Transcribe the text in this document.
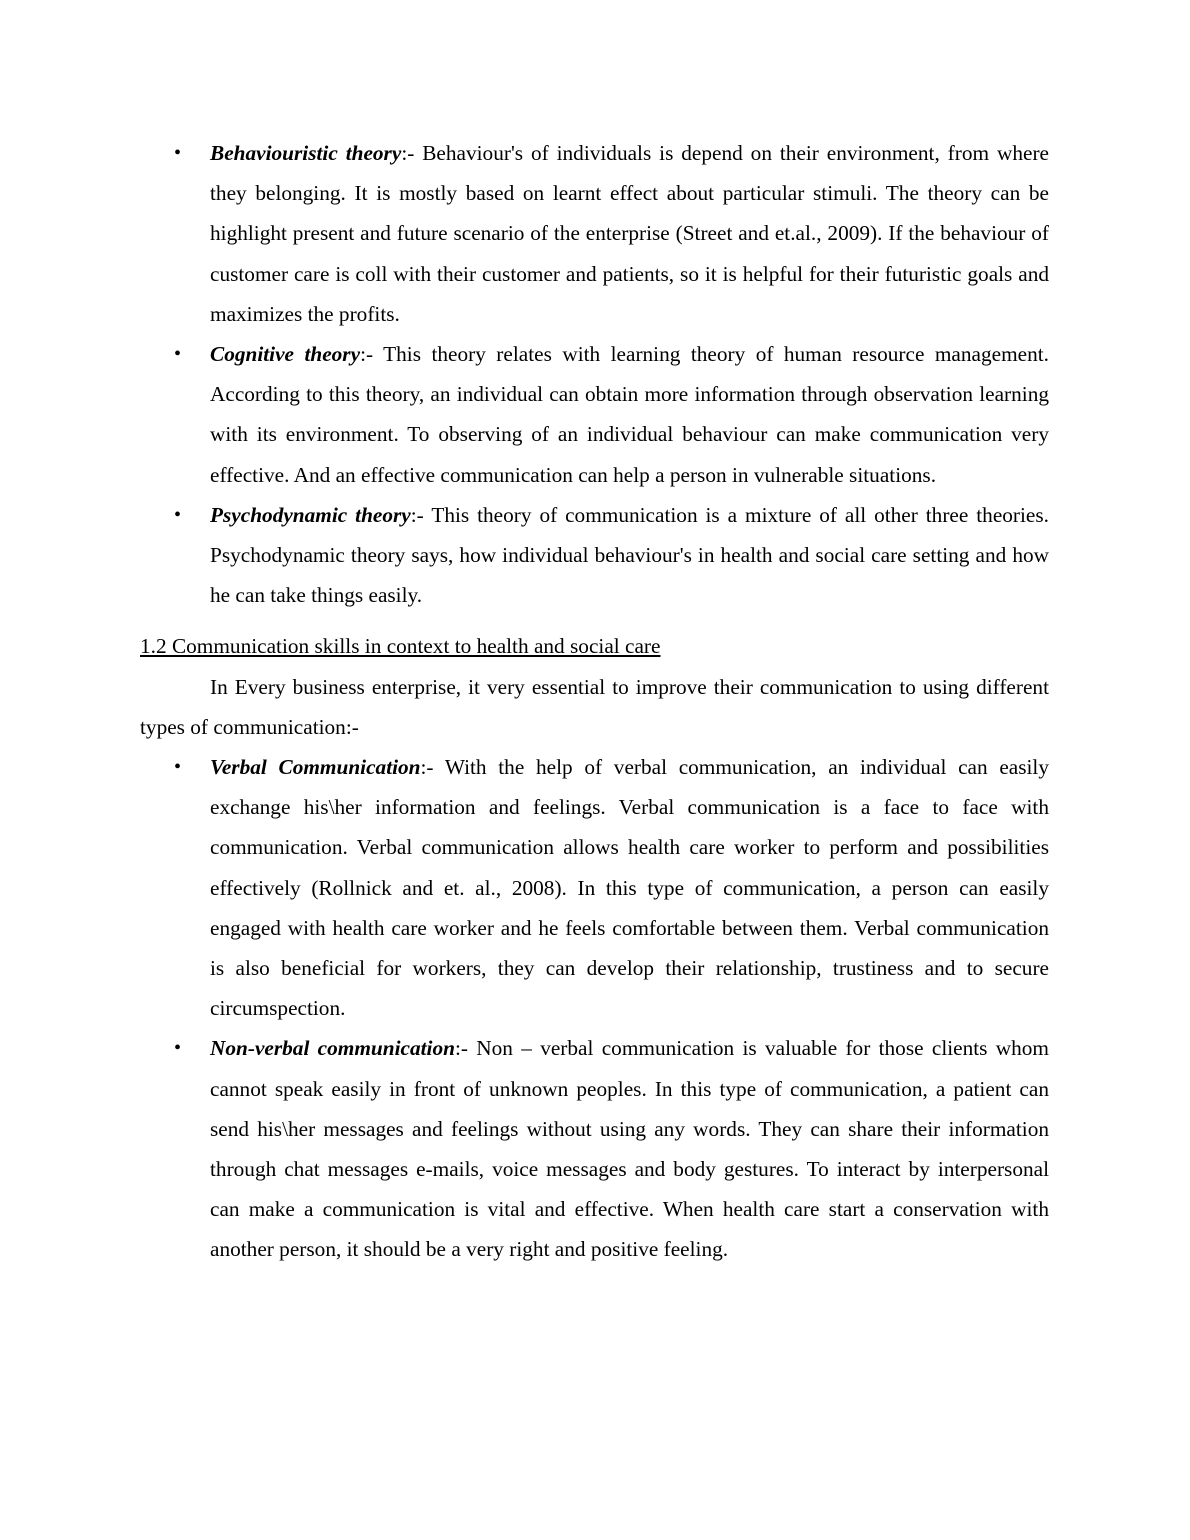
• Behaviouristic theory:- Behaviour's of individuals is depend on their environment, from where they belonging. It is mostly based on learnt effect about particular stimuli. The theory can be highlight present and future scenario of the enterprise (Street and et.al., 2009). If the behaviour of customer care is coll with their customer and patients, so it is helpful for their futuristic goals and maximizes the profits.
• Cognitive theory:- This theory relates with learning theory of human resource management. According to this theory, an individual can obtain more information through observation learning with its environment. To observing of an individual behaviour can make communication very effective. And an effective communication can help a person in vulnerable situations.
• Psychodynamic theory:- This theory of communication is a mixture of all other three theories. Psychodynamic theory says, how individual behaviour's in health and social care setting and how he can take things easily.
1.2 Communication skills in context to health and social care

In Every business enterprise, it very essential to improve their communication to using different types of communication:-

• Verbal Communication:- With the help of verbal communication, an individual can easily exchange his\her information and feelings. Verbal communication is a face to face with communication. Verbal communication allows health care worker to perform and possibilities effectively (Rollnick and et. al., 2008). In this type of communication, a person can easily engaged with health care worker and he feels comfortable between them. Verbal communication is also beneficial for workers, they can develop their relationship, trustiness and to secure circumspection.
• Non-verbal communication:- Non – verbal communication is valuable for those clients whom cannot speak easily in front of unknown peoples. In this type of communication, a patient can send his\her messages and feelings without using any words. They can share their information through chat messages e-mails, voice messages and body gestures. To interact by interpersonal can make a communication is vital and effective. When health care start a conservation with another person, it should be a very right and positive feeling.
